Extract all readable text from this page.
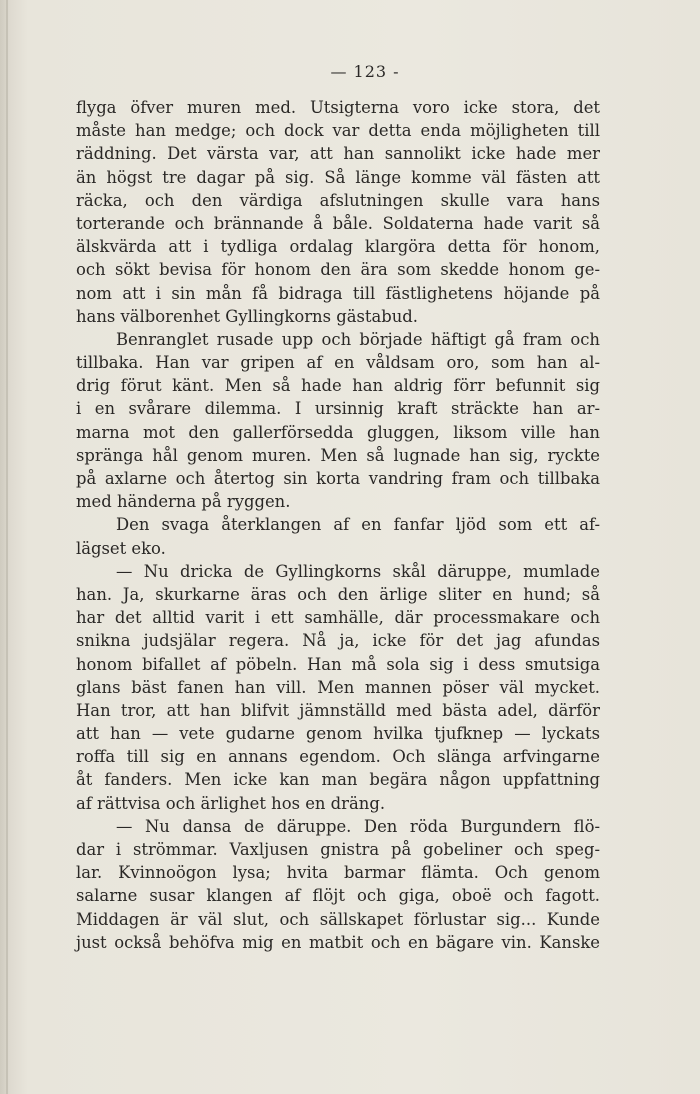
— 123 -
flyga öfver muren med. Utsigterna voro icke stora, det
måste han medge; och dock var detta enda möjligheten till
räddning. Det värsta var, att han sannolikt icke hade mer
än högst tre dagar på sig. Så länge komme väl fästen att
räcka, och den värdiga afslutningen skulle vara hans
torterande och brännande å båle. Soldaterna hade varit så
älskvärda att i tydliga ordalag klargöra detta för honom,
och sökt bevisa för honom den ära som skedde honom ge-
nom att i sin mån få bidraga till fästlighetens höjande på
hans välborenhet Gyllingkorns gästabud.
Benranglet rusade upp och började häftigt gå fram och
tillbaka. Han var gripen af en våldsam oro, som han al-
drig förut känt. Men så hade han aldrig förr befunnit sig
i en svårare dilemma. I ursinnig kraft sträckte han ar-
marna mot den gallerförsedda gluggen, liksom ville han
spränga hål genom muren. Men så lugnade han sig, ryckte
på axlarne och återtog sin korta vandring fram och tillbaka
med händerna på ryggen.
Den svaga återklangen af en fanfar ljöd som ett af-
lägset eko.
— Nu dricka de Gyllingkorns skål däruppe, mumlade
han. Ja, skurkarne äras och den ärlige sliter en hund; så
har det alltid varit i ett samhälle, där processmakare och
snikna judsjälar regera. Nå ja, icke för det jag afundas
honom bifallet af pöbeln. Han må sola sig i dess smutsiga
glans bäst fanen han vill. Men mannen pöser väl mycket.
Han tror, att han blifvit jämnställd med bästa adel, därför
att han — vete gudarne genom hvilka tjufknep — lyckats
roffa till sig en annans egendom. Och slänga arfvingarne
åt fanders. Men icke kan man begära någon uppfattning
af rättvisa och ärlighet hos en dräng.
— Nu dansa de däruppe. Den röda Burgundern flö-
dar i strömmar. Vaxljusen gnistra på gobeliner och speg-
lar. Kvinnoögon lysa; hvita barmar flämta. Och genom
salarne susar klangen af flöjt och giga, oboë och fagott.
Middagen är väl slut, och sällskapet förlustar sig... Kunde
just också behöfva mig en matbit och en bägare vin. Kanske
